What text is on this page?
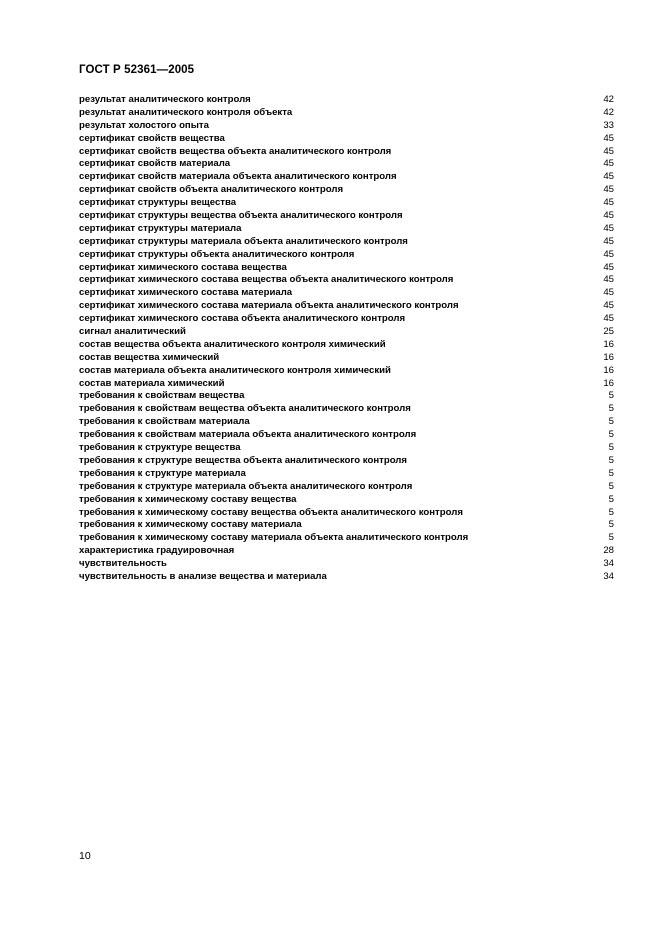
ГОСТ Р 52361—2005
результат аналитического контроля	42
результат аналитического контроля объекта	42
результат холостого опыта	33
сертификат свойств вещества	45
сертификат свойств вещества объекта аналитического контроля	45
сертификат свойств материала	45
сертификат свойств материала объекта аналитического контроля	45
сертификат свойств объекта аналитического контроля	45
сертификат структуры вещества	45
сертификат структуры вещества объекта аналитического контроля	45
сертификат структуры материала	45
сертификат структуры материала объекта аналитического контроля	45
сертификат структуры объекта аналитического контроля	45
сертификат химического состава вещества	45
сертификат химического состава вещества объекта аналитического контроля	45
сертификат химического состава материала	45
сертификат химического состава материала объекта аналитического контроля	45
сертификат химического состава объекта аналитического контроля	45
сигнал аналитический	25
состав вещества объекта аналитического контроля химический	16
состав вещества химический	16
состав материала объекта аналитического контроля химический	16
состав материала химический	16
требования к свойствам вещества	5
требования к свойствам вещества объекта аналитического контроля	5
требования к свойствам материала	5
требования к свойствам материала объекта аналитического контроля	5
требования к структуре вещества	5
требования к структуре вещества объекта аналитического контроля	5
требования к структуре материала	5
требования к структуре материала объекта аналитического контроля	5
требования к химическому составу вещества	5
требования к химическому составу вещества объекта аналитического контроля	5
требования к химическому составу материала	5
требования к химическому составу материала объекта аналитического контроля	5
характеристика градуировочная	28
чувствительность	34
чувствительность в анализе вещества и материала	34
10
